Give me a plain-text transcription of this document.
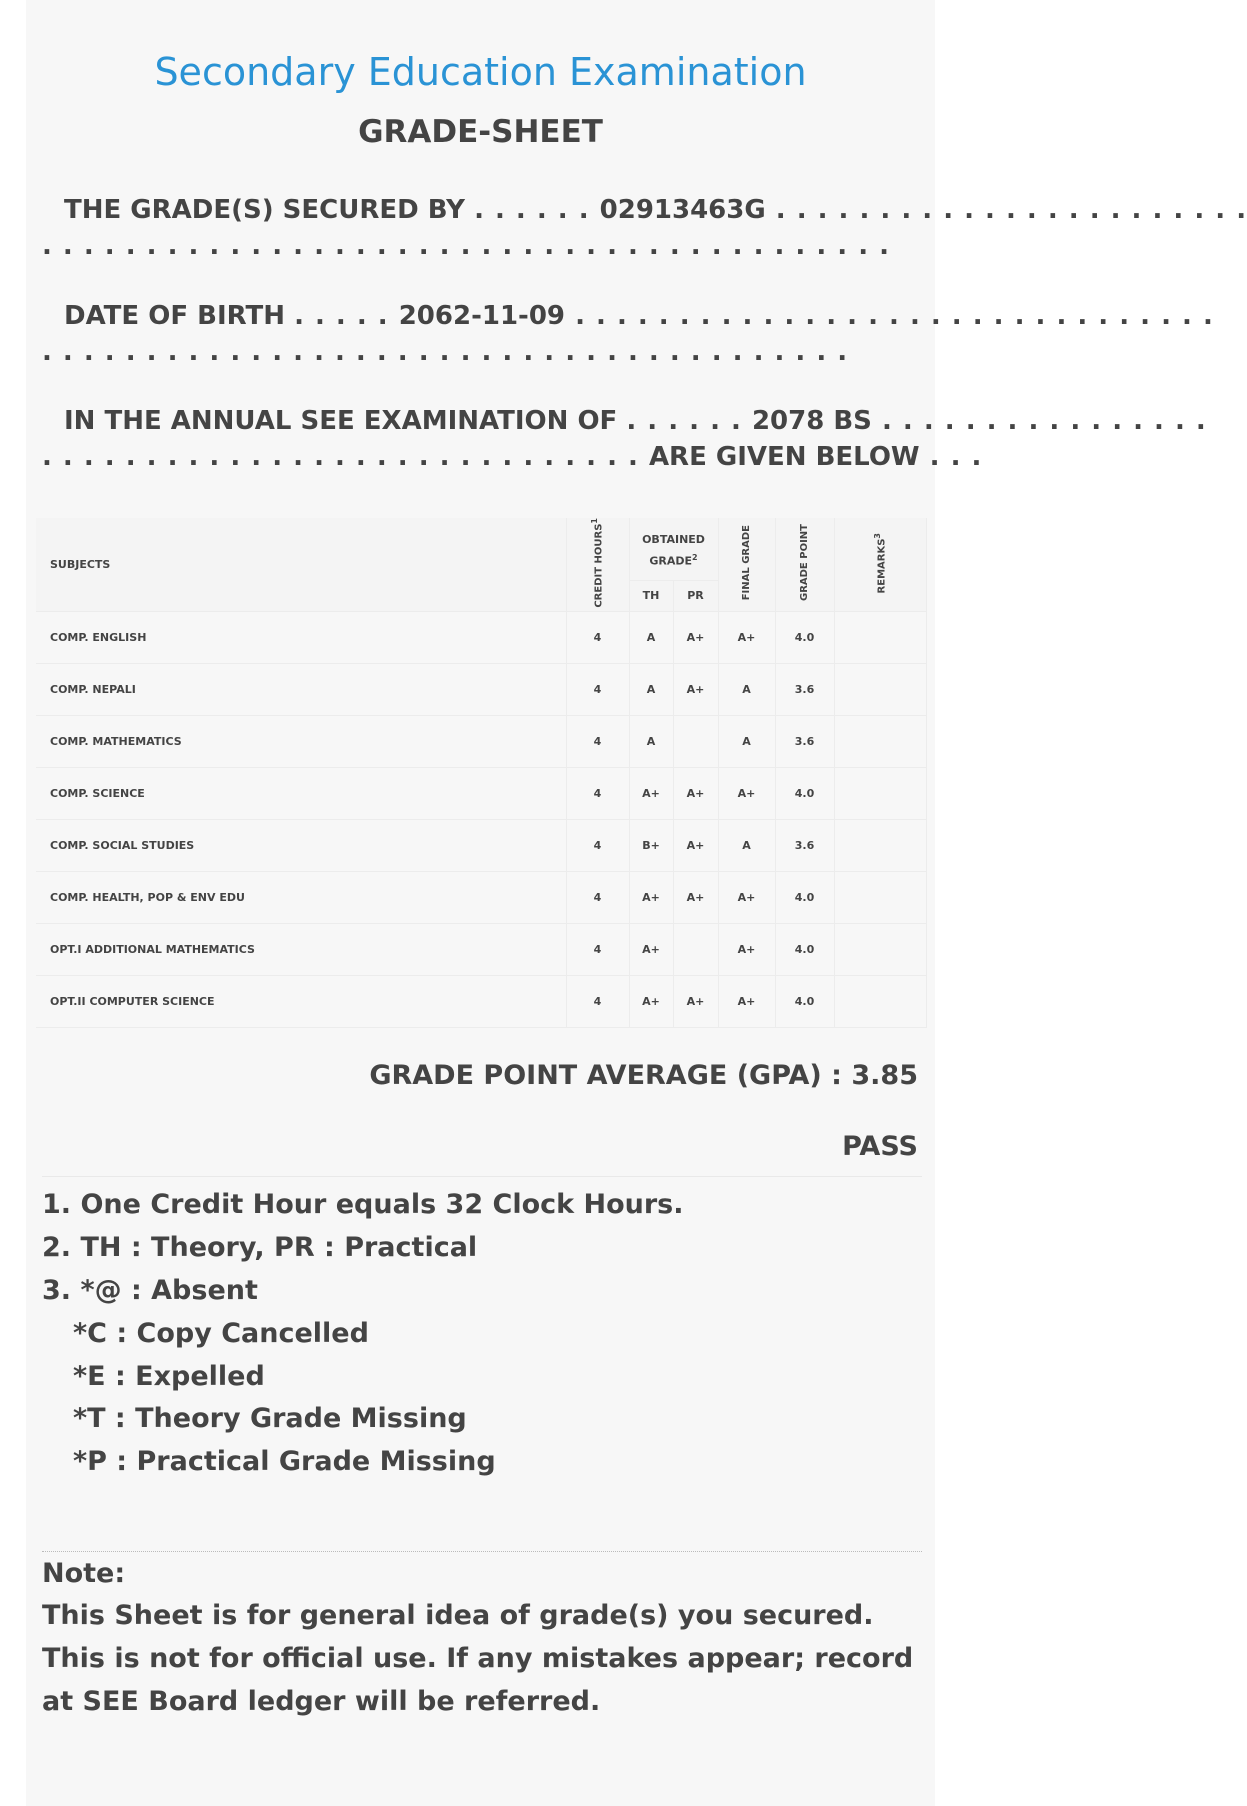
Secondary Education Examination
GRADE-SHEET
THE GRADE(S) SECURED BY . . . . . . 02913463G . . . . . . . . . . . . . . . . . . . . . . .
. . . . . . . . . . . . . . . . . . . . . . . . . . . . . . . . . . . . . . . . .
DATE OF BIRTH . . . . . 2062-11-09 . . . . . . . . . . . . . . . . . . . . . . . . . . . . . . .
. . . . . . . . . . . . . . . . . . . . . . . . . . . . . . . . . . . . . . .
IN THE ANNUAL SEE EXAMINATION OF . . . . . . 2078 BS . . . . . . . . . . . . . . . .
. . . . . . . . . . . . . . . . . . . . . . . . . . . . . ARE GIVEN BELOW . . .
SUBJECTS	CREDIT HOURS$^1$	OBTAINED GRADE$^2$		FINAL GRADE	GRADE POINT	REMARKS$^3$
		TH	PR			
COMP. ENGLISH	4	A	A+	A+	4.0	
COMP. NEPALI	4	A	A+	A	3.6	
COMP. MATHEMATICS	4	A		A	3.6	
COMP. SCIENCE	4	A+	A+	A+	4.0	
COMP. SOCIAL STUDIES	4	B+	A+	A	3.6	
COMP. HEALTH, POP & ENV EDU	4	A+	A+	A+	4.0	
OPT.I ADDITIONAL MATHEMATICS	4	A+		A+	4.0	
OPT.II COMPUTER SCIENCE	4	A+	A+	A+	4.0	
GRADE POINT AVERAGE (GPA) : 3.85
PASS
1. One Credit Hour equals 32 Clock Hours.
2. TH : Theory, PR : Practical
3. *@ : Absent
*C : Copy Cancelled
*E : Expelled
*T : Theory Grade Missing
*P : Practical Grade Missing
Note:
This Sheet is for general idea of grade(s) you secured. This is not for official use. If any mistakes appear; record at SEE Board ledger will be referred.
